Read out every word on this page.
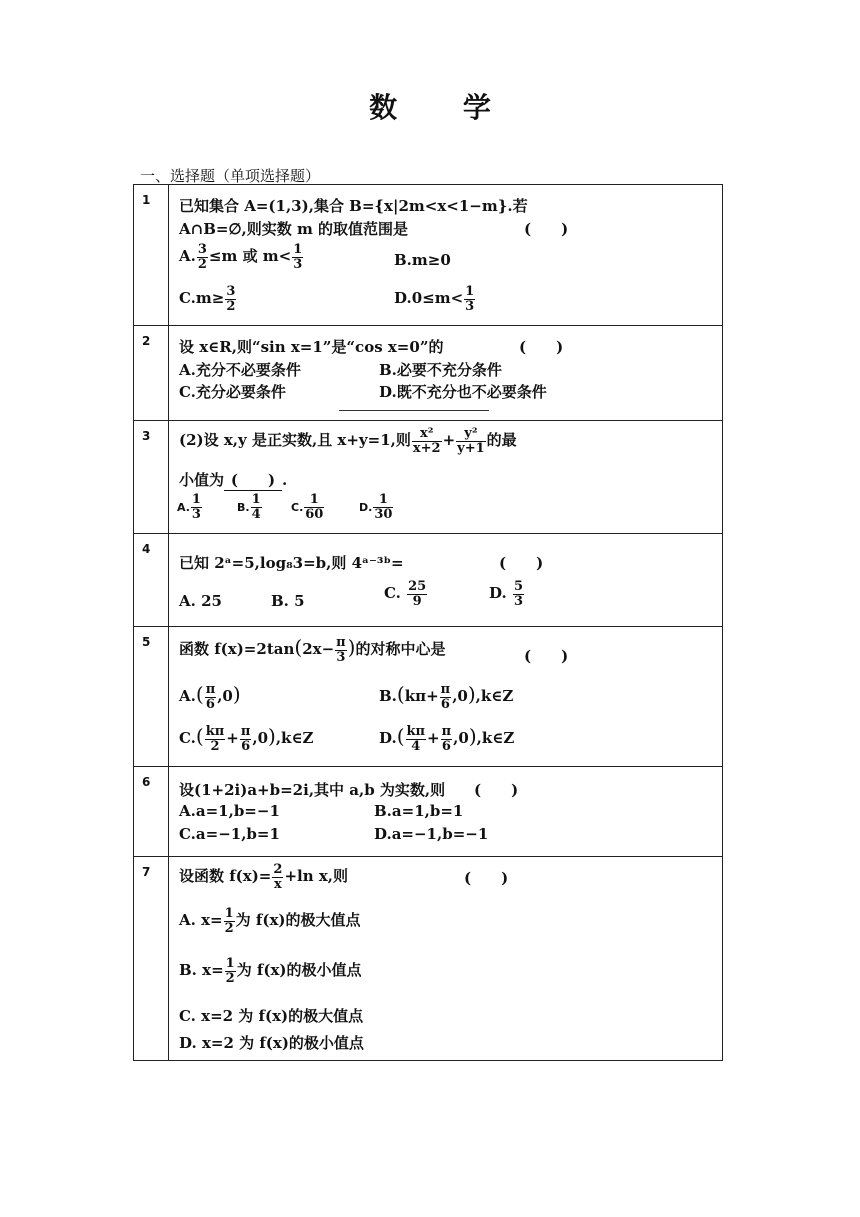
数 学
一、选择题（单项选择题）
1 已知集合 A=(1,3),集合 B={x|2m<x<1−m}.若
A∩B=∅,则实数 m 的取值范围是	(　　)
A. $\frac{3}{2} \le m$ 或 $m< \frac{1}{3}$	B.m≥0
$C.m\ge \frac{3}{2}$	$D.0\le m< \frac{1}{3}$
2 设 x∈R,则“sin x=1”是“cos x=0”的	(　　)
A.充分不必要条件	B.必要不充分条件
C.充分必要条件	D.既不充分也不必要条件
3 (2)设 x,y 是正实数,且 x+y=1,则 $\frac{\text{x²}}{x+2} + \frac{\text{y²}}{y+1}$ 的最
小值为 (　　) .
A. $\frac{1}{3}$	B. $\frac{1}{4}$	C. $\frac{1}{60}$	D. $\frac{1}{30}$
4
已知 2ᵃ=5,log₈3=b,则 4ᵃ⁻³ᵇ=	(　　)
A. 25	B. 5	C. $\frac{25}{9}$	D. $\frac{5}{3}$
5 函数 $f(x)=2\tan(2x- \frac{\pi}{3}$ )的对称中心是	(　　)
$A.( \frac{\pi}{6} ,0)$	$B.(k\pi+ \frac{\pi}{6}$ ,0),k∈Z
$C.( \frac{k\pi}{2} + \frac{\pi}{6}$ ,0),k∈Z	$D.( \frac{k\pi}{4} + \frac{\pi}{6}$ ,0),k∈Z
6 设(1+2i)a+b=2i,其中 a,b 为实数,则 (　　)
A.a=1,b=−1	B.a=1,b=1
C.a=−1,b=1	D.a=−1,b=−1
7 设函数 $f(x)= \frac{2}{x} +\ln$ x,则	(　　)
A. $x= \frac{1}{2}$ 为 f(x)的极大值点
B. $x= \frac{1}{2}$ 为 f(x)的极小值点
C. x=2 为 f(x)的极大值点
D. x=2 为 f(x)的极小值点
